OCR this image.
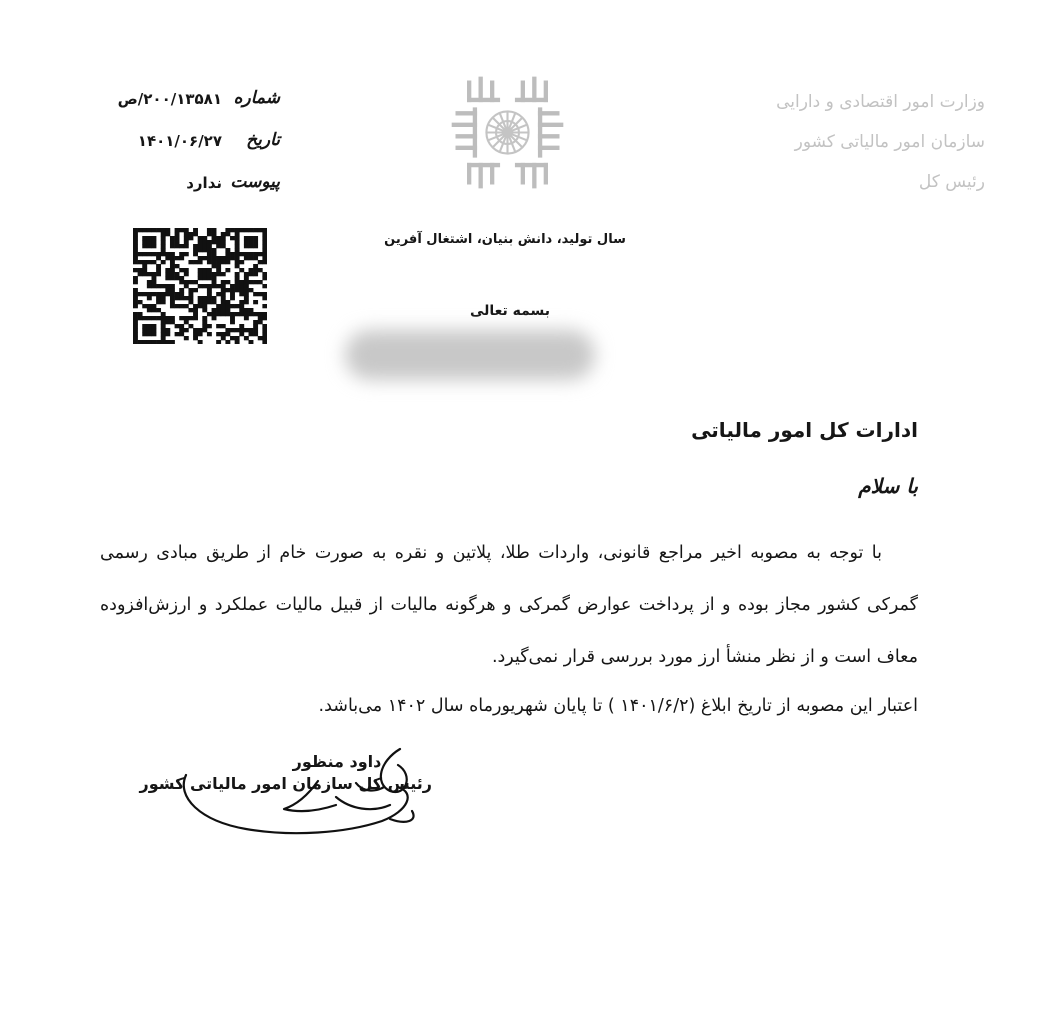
وزارت امور اقتصادی و دارایی
سازمان امور مالیاتی کشور
رئیس کل
شماره
۲۰۰/۱۳۵۸۱/ص
تاریخ
۱۴۰۱/۰۶/۲۷
پیوست
ندارد
سال تولید، دانش بنیان، اشتغال آفرین
بسمه تعالی
ادارات کل امور مالیاتی
با سلام

با توجه به مصوبه اخیر مراجع قانونی، واردات طلا، پلاتین و نقره به صورت خام از طریق مبادی رسمی گمرکی کشور مجاز بوده و از پرداخت عوارض گمرکی و هرگونه مالیات از قبیل مالیات عملکرد و ارزش‌افزوده معاف است و از نظر منشأ ارز مورد بررسی قرار نمی‌گیرد.

اعتبار این مصوبه از تاریخ ابلاغ (۱۴۰۱/۶/۲ ) تا پایان شهریورماه سال ۱۴۰۲ می‌باشد.

داود منظور
رئیس کل سازمان امور مالیاتی کشور
